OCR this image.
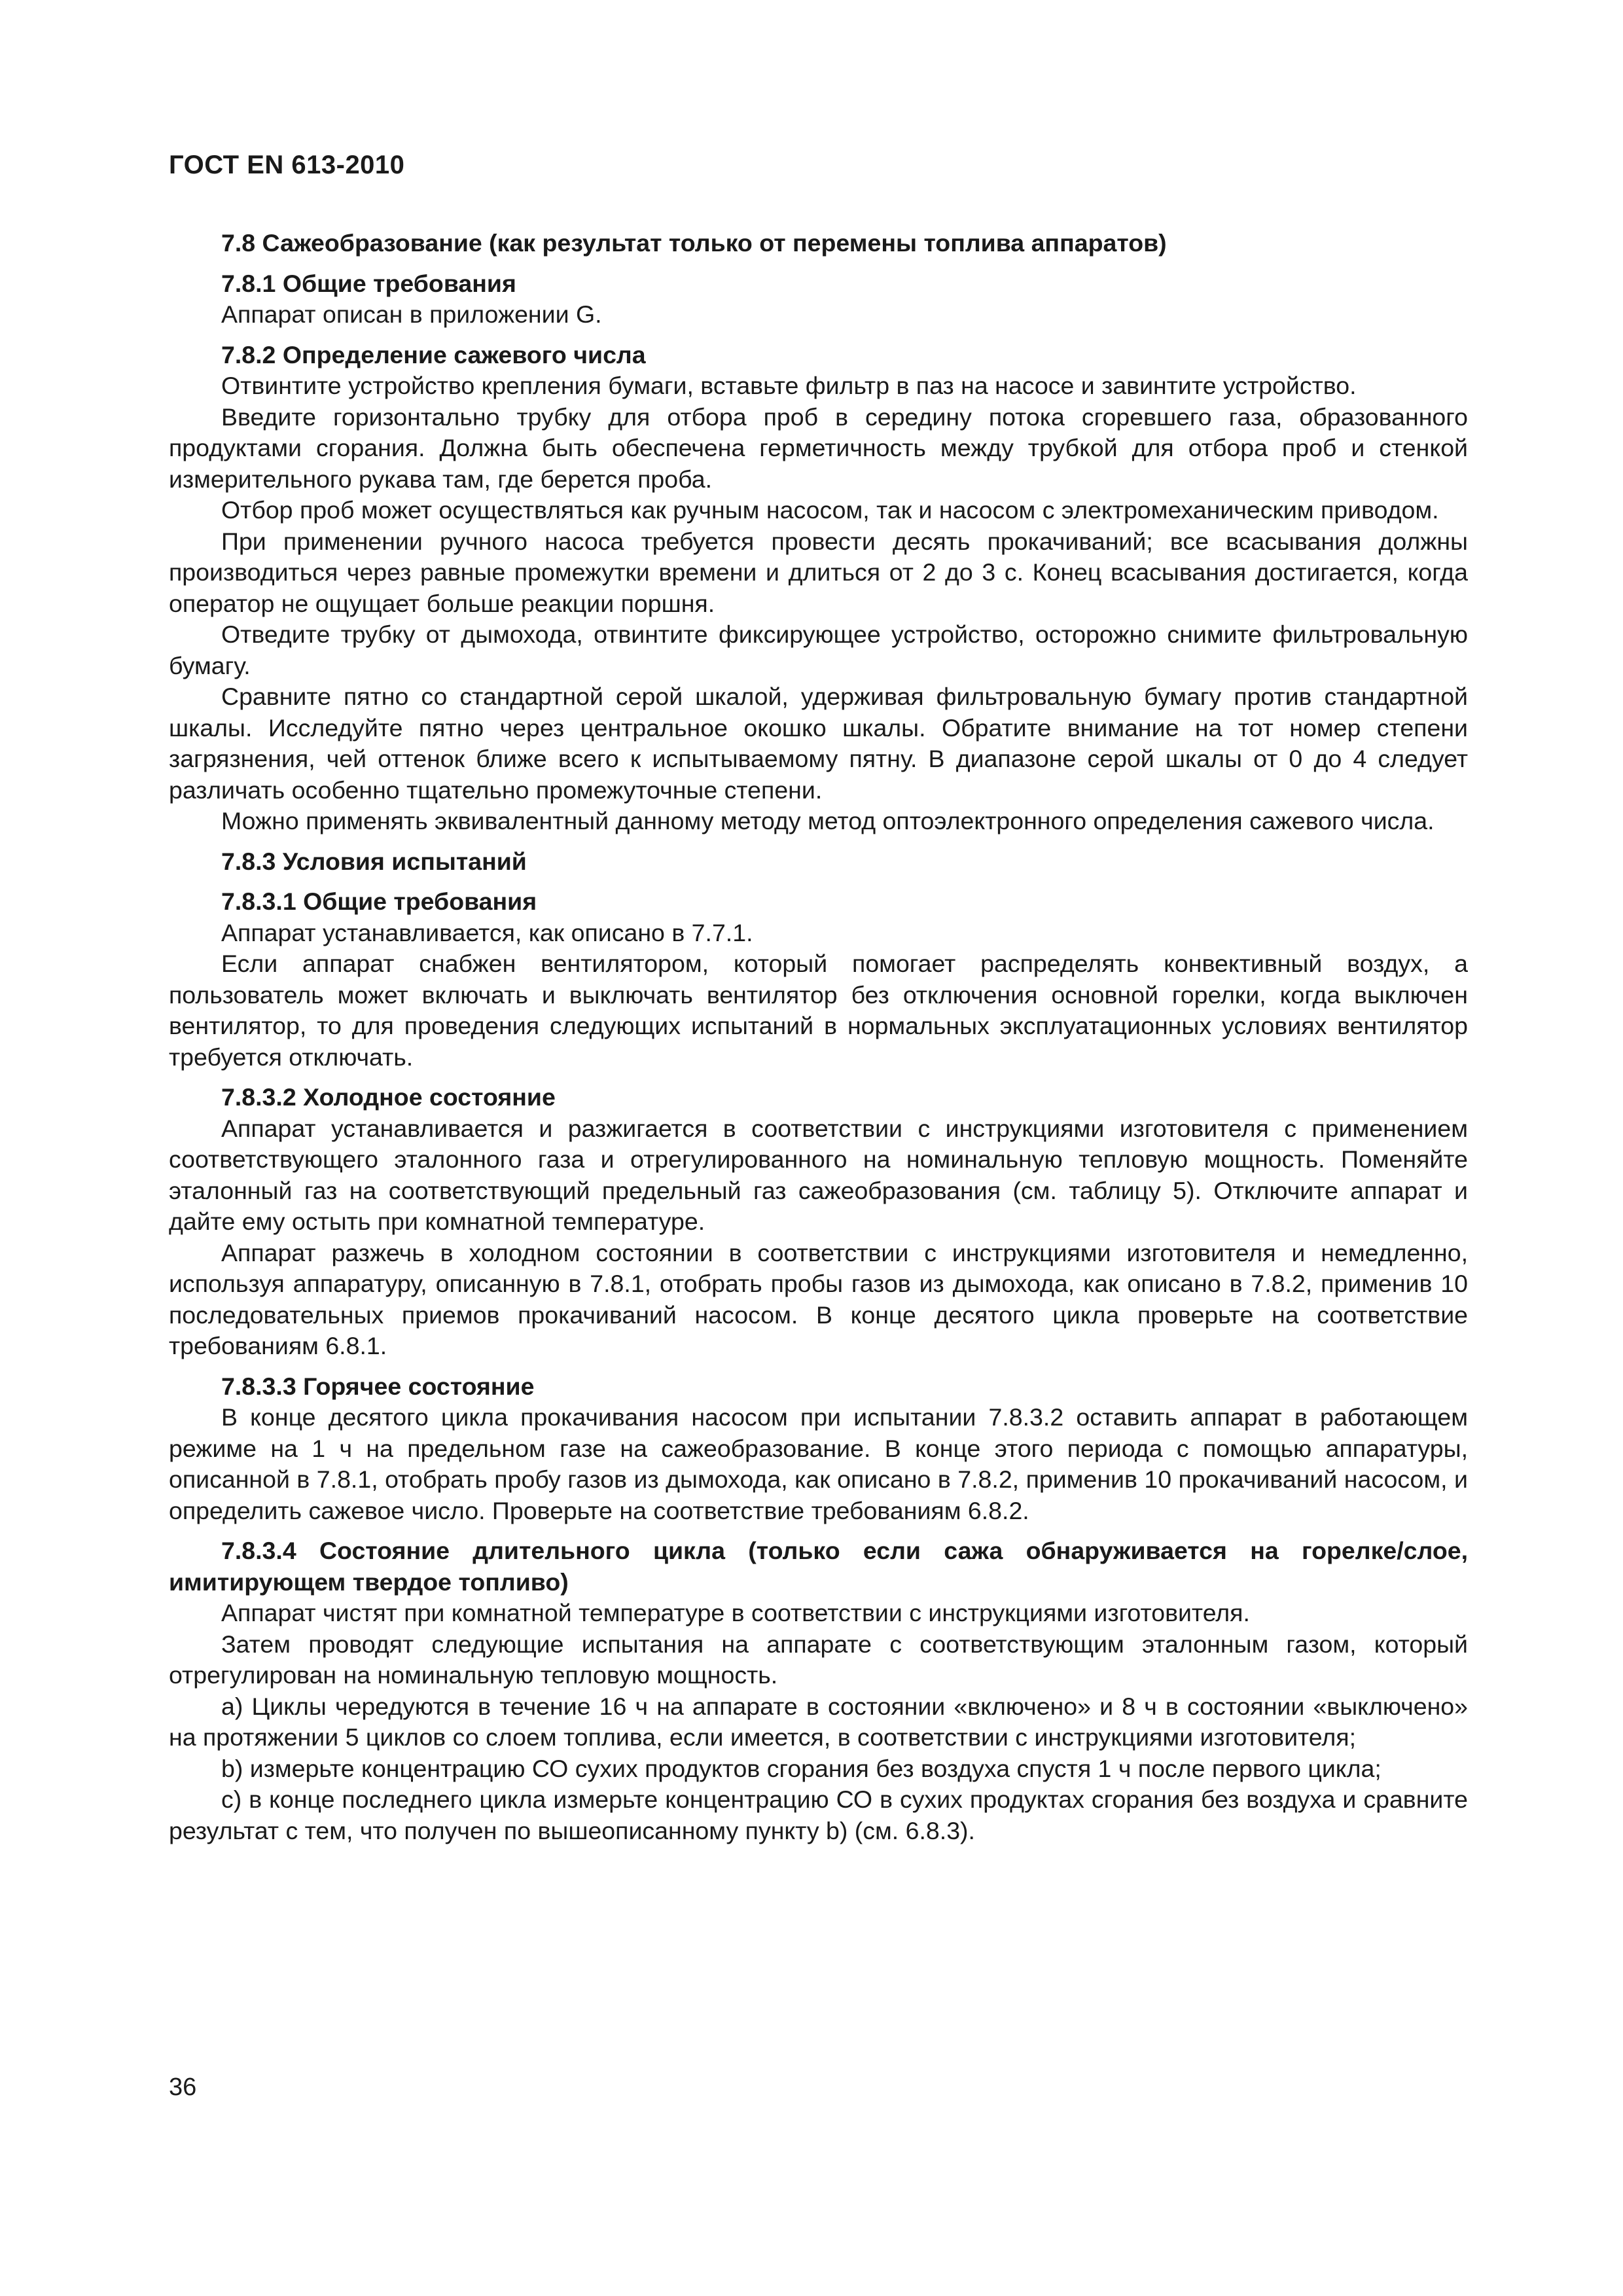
ГОСТ EN 613-2010
7.8 Сажеобразование (как результат только от перемены топлива аппаратов)
7.8.1 Общие требования

Аппарат описан в приложении G.

7.8.2 Определение сажевого числа

Отвинтите устройство крепления бумаги, вставьте фильтр в паз на насосе и завинтите устройство.

Введите горизонтально трубку для отбора проб в середину потока сгоревшего газа, образованного продуктами сгорания. Должна быть обеспечена герметичность между трубкой для отбора проб и стенкой измерительного рукава там, где берется проба.

Отбор проб может осуществляться как ручным насосом, так и насосом с электромеханическим приводом.

При применении ручного насоса требуется провести десять прокачиваний; все всасывания должны производиться через равные промежутки времени и длиться от 2 до 3 с. Конец всасывания достигается, когда оператор не ощущает больше реакции поршня.

Отведите трубку от дымохода, отвинтите фиксирующее устройство, осторожно снимите фильтровальную бумагу.

Сравните пятно со стандартной серой шкалой, удерживая фильтровальную бумагу против стандартной шкалы. Исследуйте пятно через центральное окошко шкалы. Обратите внимание на тот номер степени загрязнения, чей оттенок ближе всего к испытываемому пятну. В диапазоне серой шкалы от 0 до 4 следует различать особенно тщательно промежуточные степени.

Можно применять эквивалентный данному методу метод оптоэлектронного определения сажевого числа.

7.8.3 Условия испытаний
7.8.3.1 Общие требования

Аппарат устанавливается, как описано в 7.7.1.

Если аппарат снабжен вентилятором, который помогает распределять конвективный воздух, а пользователь может включать и выключать вентилятор без отключения основной горелки, когда выключен вентилятор, то для проведения следующих испытаний в нормальных эксплуатационных условиях вентилятор требуется отключать.

7.8.3.2 Холодное состояние

Аппарат устанавливается и разжигается в соответствии с инструкциями изготовителя с применением соответствующего эталонного газа и отрегулированного на номинальную тепловую мощность. Поменяйте эталонный газ на соответствующий предельный газ сажеобразования (см. таблицу 5). Отключите аппарат и дайте ему остыть при комнатной температуре.

Аппарат разжечь в холодном состоянии в соответствии с инструкциями изготовителя и немедленно, используя аппаратуру, описанную в 7.8.1, отобрать пробы газов из дымохода, как описано в 7.8.2, применив 10 последовательных приемов прокачиваний насосом. В конце десятого цикла проверьте на соответствие требованиям 6.8.1.

7.8.3.3 Горячее состояние

В конце десятого цикла прокачивания насосом при испытании 7.8.3.2 оставить аппарат в работающем режиме на 1 ч на предельном газе на сажеобразование. В конце этого периода с помощью аппаратуры, описанной в 7.8.1, отобрать пробу газов из дымохода, как описано в 7.8.2, применив 10 прокачиваний насосом, и определить сажевое число. Проверьте на соответствие требованиям 6.8.2.

7.8.3.4 Состояние длительного цикла (только если сажа обнаруживается на горелке/слое, имитирующем твердое топливо)

Аппарат чистят при комнатной температуре в соответствии с инструкциями изготовителя.

Затем проводят следующие испытания на аппарате с соответствующим эталонным газом, который отрегулирован на номинальную тепловую мощность.

а) Циклы чередуются в течение 16 ч на аппарате в состоянии «включено» и 8 ч в состоянии «выключено» на протяжении 5 циклов со слоем топлива, если имеется, в соответствии с инструкциями изготовителя;

b) измерьте концентрацию СО сухих продуктов сгорания без воздуха спустя 1 ч после первого цикла;

с) в конце последнего цикла измерьте концентрацию СО в сухих продуктах сгорания без воздуха и сравните результат с тем, что получен по вышеописанному пункту b) (см. 6.8.3).

36
